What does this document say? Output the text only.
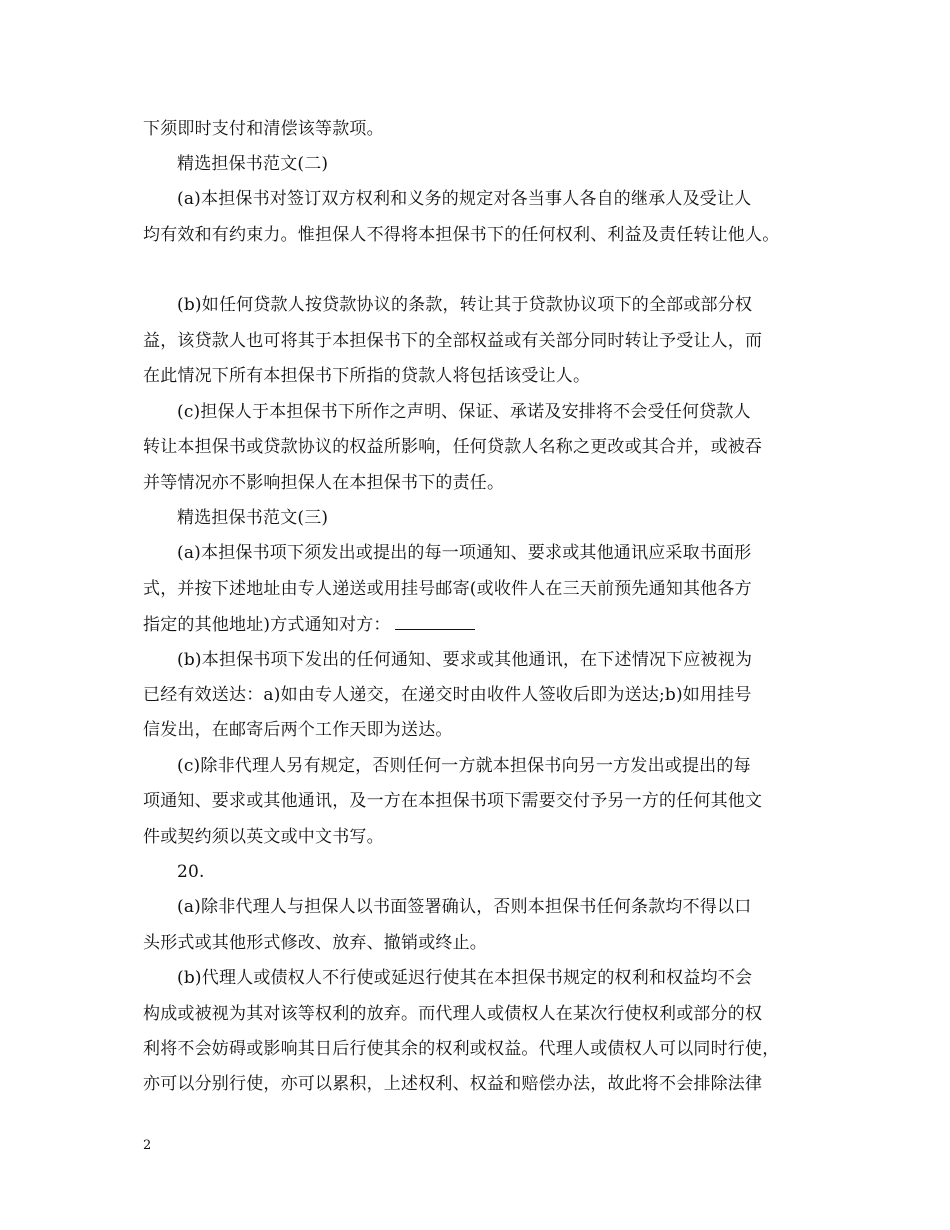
下须即时支付和清偿该等款项。
精选担保书范文(二)
(a)本担保书对签订双方权利和义务的规定对各当事人各自的继承人及受让人
均有效和有约束力。惟担保人不得将本担保书下的任何权利、利益及责任转让他人。
(b)如任何贷款人按贷款协议的条款，转让其于贷款协议项下的全部或部分权
益，该贷款人也可将其于本担保书下的全部权益或有关部分同时转让予受让人，而
在此情况下所有本担保书下所指的贷款人将包括该受让人。
(c)担保人于本担保书下所作之声明、保证、承诺及安排将不会受任何贷款人
转让本担保书或贷款协议的权益所影响，任何贷款人名称之更改或其合并，或被吞
并等情况亦不影响担保人在本担保书下的责任。
精选担保书范文(三)
(a)本担保书项下须发出或提出的每一项通知、要求或其他通讯应采取书面形
式，并按下述地址由专人递送或用挂号邮寄(或收件人在三天前预先通知其他各方
指定的其他地址)方式通知对方：
(b)本担保书项下发出的任何通知、要求或其他通讯，在下述情况下应被视为
已经有效送达：a)如由专人递交，在递交时由收件人签收后即为送达;b)如用挂号
信发出，在邮寄后两个工作天即为送达。
(c)除非代理人另有规定，否则任何一方就本担保书向另一方发出或提出的每
项通知、要求或其他通讯，及一方在本担保书项下需要交付予另一方的任何其他文
件或契约须以英文或中文书写。
20.
(a)除非代理人与担保人以书面签署确认，否则本担保书任何条款均不得以口
头形式或其他形式修改、放弃、撤销或终止。
(b)代理人或债权人不行使或延迟行使其在本担保书规定的权利和权益均不会
构成或被视为其对该等权利的放弃。而代理人或债权人在某次行使权利或部分的权
利将不会妨碍或影响其日后行使其余的权利或权益。代理人或债权人可以同时行使，
亦可以分别行使，亦可以累积，上述权利、权益和赔偿办法，故此将不会排除法律
2
